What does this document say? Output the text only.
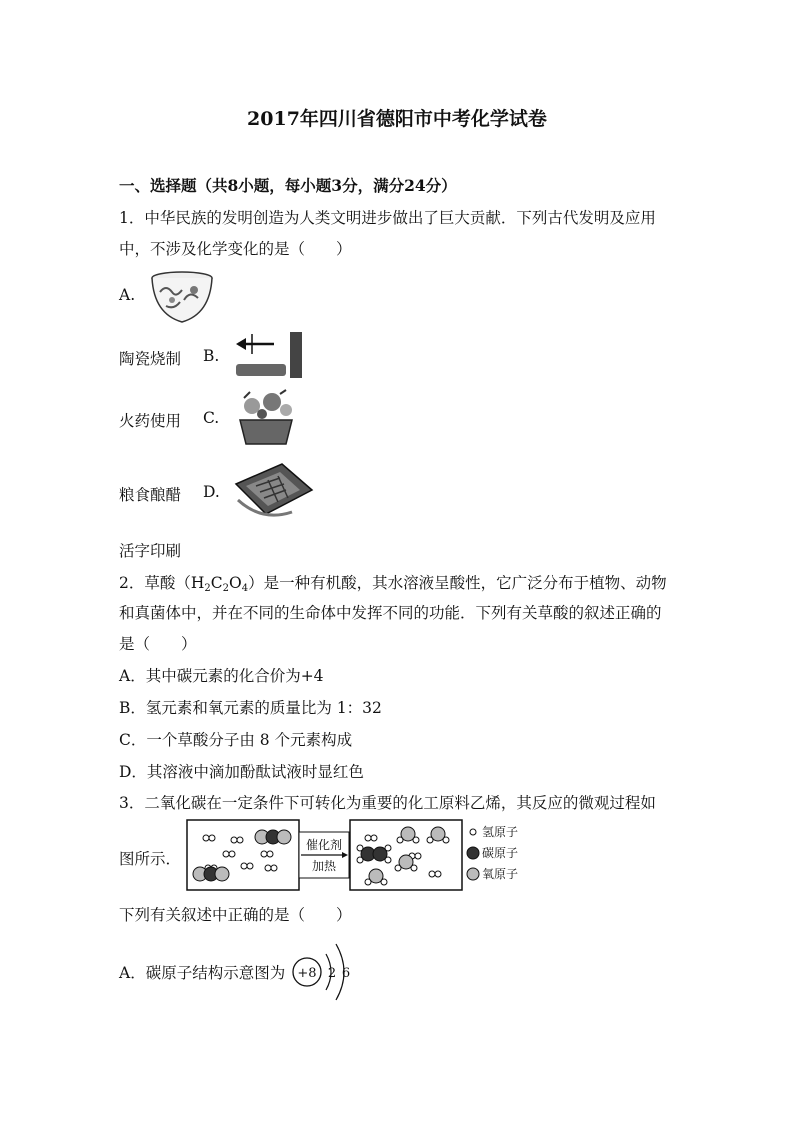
2017年四川省德阳市中考化学试卷
一、选择题（共8小题，每小题3分，满分24分）
1．中华民族的发明创造为人类文明进步做出了巨大贡献．下列古代发明及应用
中，不涉及化学变化的是（　　）
A.
陶瓷烧制 B.
火药使用 C.
粮食酿醋 D.
活字印刷
2．草酸$(H_2C_2O_4)$是一种有机酸，其水溶液呈酸性，它广泛分布于植物、动物
和真菌体中，并在不同的生命体中发挥不同的功能．下列有关草酸的叙述正确的
是（　　）
A．其中碳元素的化合价为+4
B．氢元素和氧元素的质量比为 1：32
C．一个草酸分子由 8 个元素构成
D．其溶液中滴加酚酞试液时显红色
3．二氧化碳在一定条件下可转化为重要的化工原料乙烯，其反应的微观过程如
图所示．
催化剂
加热
氢原子
碳原子
氧原子
下列有关叙述中正确的是（　　）
A．碳原子结构示意图为 +8 2 6
